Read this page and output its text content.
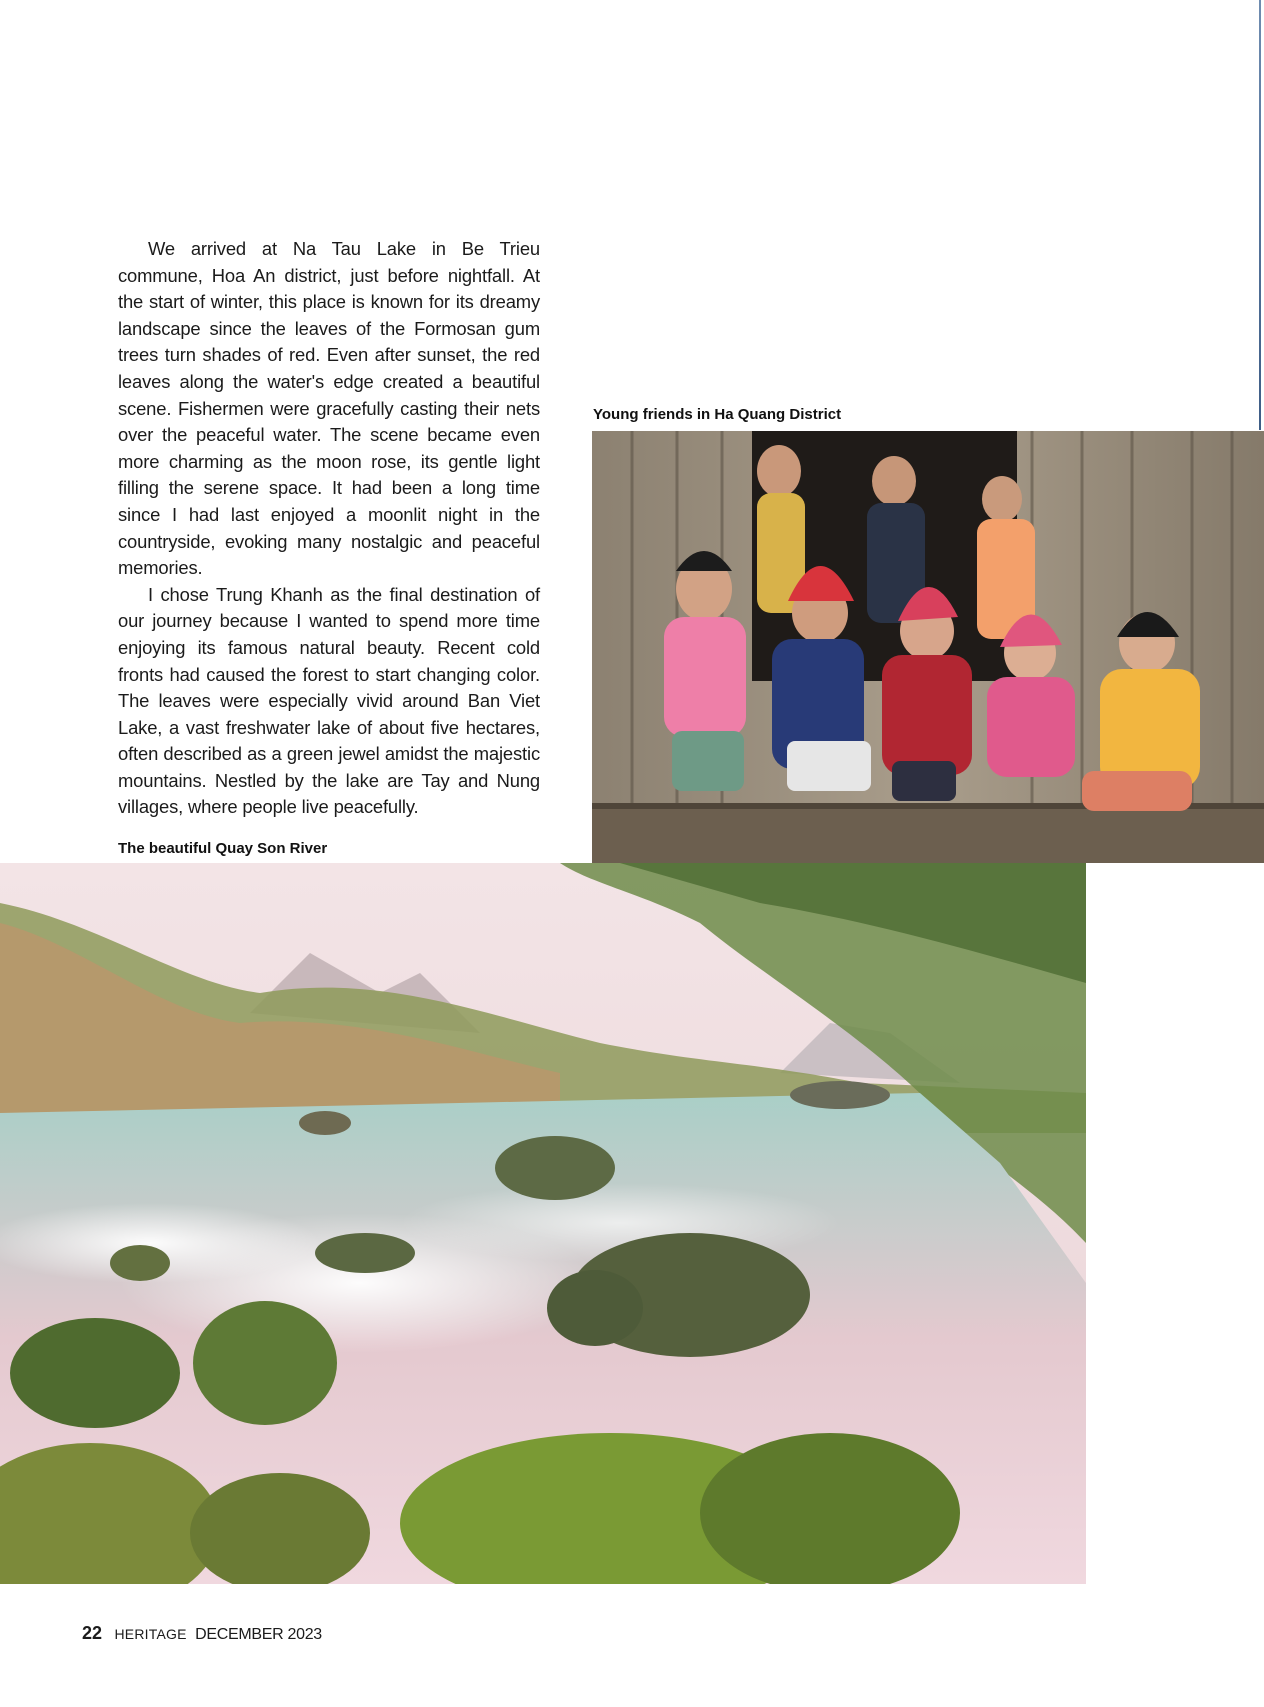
We arrived at Na Tau Lake in Be Trieu commune, Hoa An district, just before nightfall. At the start of winter, this place is known for its dreamy landscape since the leaves of the Formosan gum trees turn shades of red. Even after sunset, the red leaves along the water's edge created a beautiful scene. Fishermen were gracefully casting their nets over the peaceful water. The scene became even more charming as the moon rose, its gentle light filling the serene space. It had been a long time since I had last enjoyed a moonlit night in the countryside, evoking many nostalgic and peaceful memories.

I chose Trung Khanh as the final destination of our journey because I wanted to spend more time enjoying its famous natural beauty. Recent cold fronts had caused the forest to start changing color. The leaves were especially vivid around Ban Viet Lake, a vast freshwater lake of about five hectares, often described as a green jewel amidst the majestic mountains. Nestled by the lake are Tay and Nung villages, where people live peacefully.

Young friends in Ha Quang District
The beautiful Quay Son River
22 HERITAGE DECEMBER 2023
